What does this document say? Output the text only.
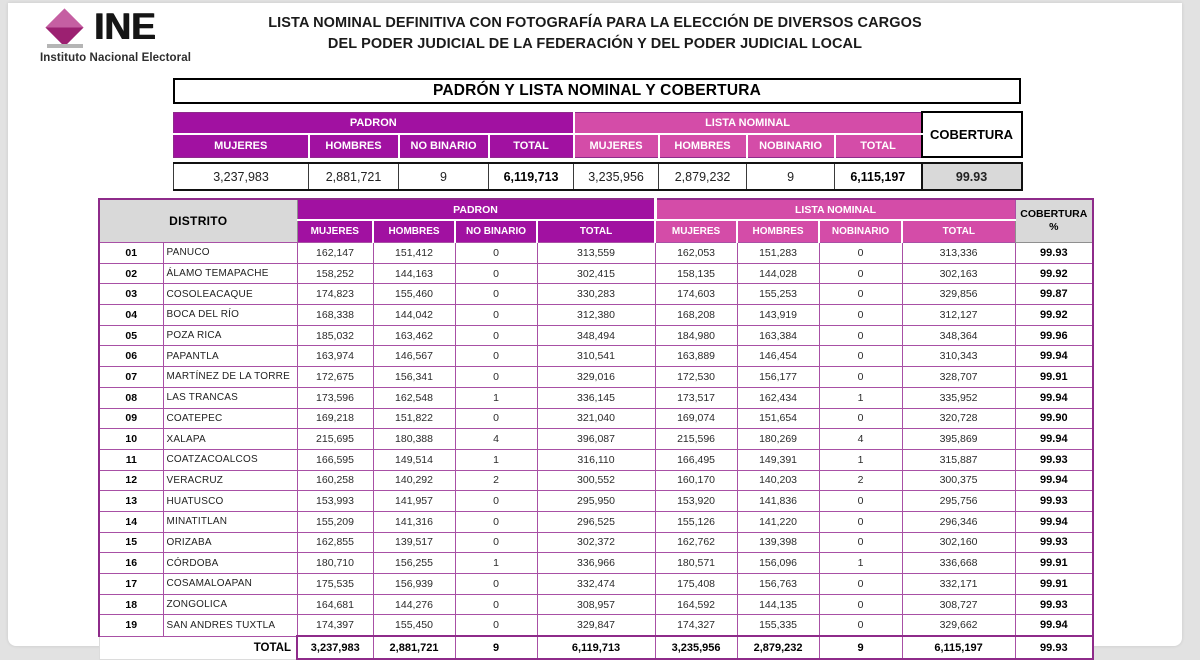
INE
Instituto Nacional Electoral
LISTA NOMINAL DEFINITIVA CON FOTOGRAFÍA PARA LA ELECCIÓN DE DIVERSOS CARGOS
DEL PODER JUDICIAL DE LA FEDERACIÓN Y DEL PODER JUDICIAL LOCAL
PADRÓN Y LISTA NOMINAL Y COBERTURA
PADRON				LISTA NOMINAL				COBERTURA
MUJERES	HOMBRES	NO BINARIO	TOTAL	MUJERES	HOMBRES	NOBINARIO	TOTAL	

3,237,983	2,881,721	9	6,119,713	3,235,956	2,879,232	9	6,115,197	99.93
DISTRITO		PADRON				LISTA NOMINAL				COBERTURA
%
		MUJERES	HOMBRES	NO BINARIO	TOTAL	MUJERES	HOMBRES	NOBINARIO	TOTAL	
01	PANUCO	162,147	151,412	0	313,559	162,053	151,283	0	313,336	99.93
02	ÁLAMO TEMAPACHE	158,252	144,163	0	302,415	158,135	144,028	0	302,163	99.92
03	COSOLEACAQUE	174,823	155,460	0	330,283	174,603	155,253	0	329,856	99.87
04	BOCA DEL RÍO	168,338	144,042	0	312,380	168,208	143,919	0	312,127	99.92
05	POZA RICA	185,032	163,462	0	348,494	184,980	163,384	0	348,364	99.96
06	PAPANTLA	163,974	146,567	0	310,541	163,889	146,454	0	310,343	99.94
07	MARTÍNEZ DE LA TORRE	172,675	156,341	0	329,016	172,530	156,177	0	328,707	99.91
08	LAS TRANCAS	173,596	162,548	1	336,145	173,517	162,434	1	335,952	99.94
09	COATEPEC	169,218	151,822	0	321,040	169,074	151,654	0	320,728	99.90
10	XALAPA	215,695	180,388	4	396,087	215,596	180,269	4	395,869	99.94
11	COATZACOALCOS	166,595	149,514	1	316,110	166,495	149,391	1	315,887	99.93
12	VERACRUZ	160,258	140,292	2	300,552	160,170	140,203	2	300,375	99.94
13	HUATUSCO	153,993	141,957	0	295,950	153,920	141,836	0	295,756	99.93
14	MINATITLAN	155,209	141,316	0	296,525	155,126	141,220	0	296,346	99.94
15	ORIZABA	162,855	139,517	0	302,372	162,762	139,398	0	302,160	99.93
16	CÓRDOBA	180,710	156,255	1	336,966	180,571	156,096	1	336,668	99.91
17	COSAMALOAPAN	175,535	156,939	0	332,474	175,408	156,763	0	332,171	99.91
18	ZONGOLICA	164,681	144,276	0	308,957	164,592	144,135	0	308,727	99.93
19	SAN ANDRES TUXTLA	174,397	155,450	0	329,847	174,327	155,335	0	329,662	99.94
TOTAL		3,237,983	2,881,721	9	6,119,713	3,235,956	2,879,232	9	6,115,197	99.93
